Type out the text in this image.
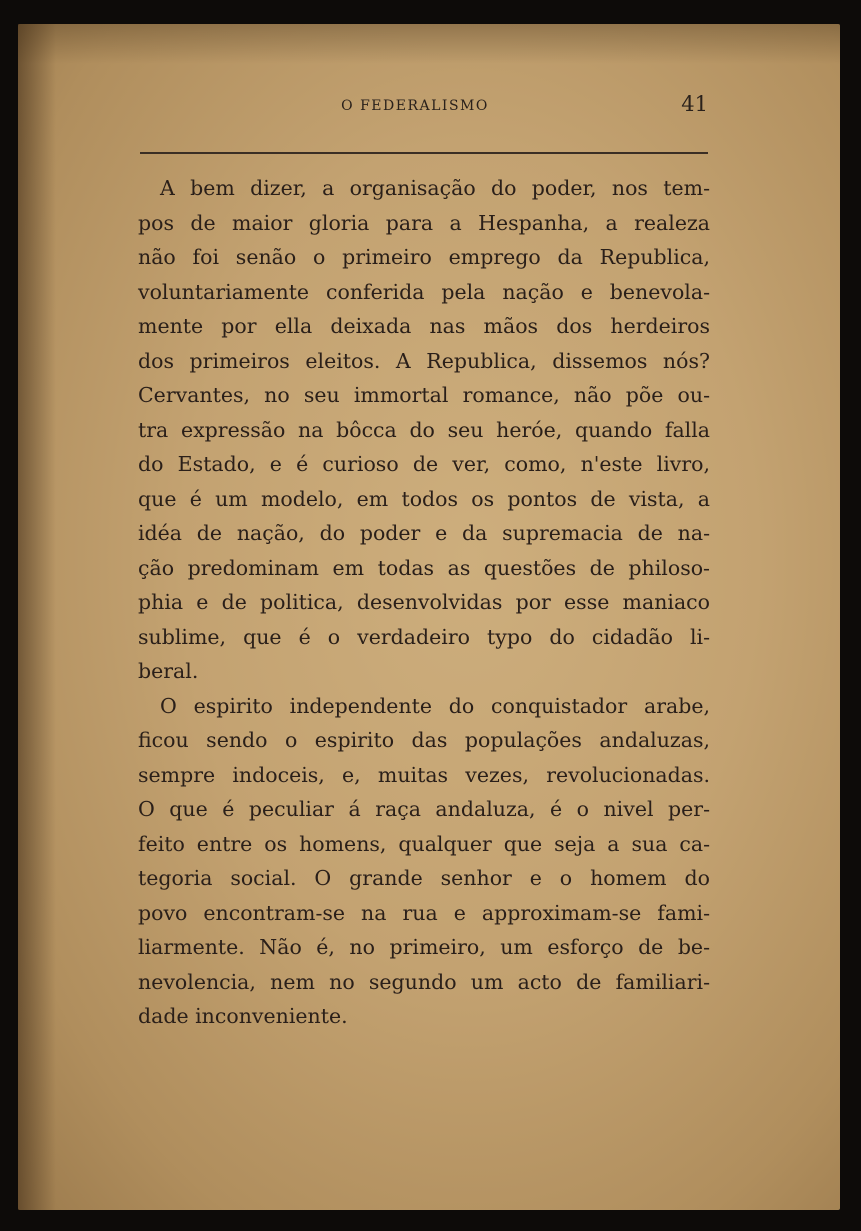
O FEDERALISMO	41
A bem dizer, a organisação do poder, nos tem-
pos de maior gloria para a Hespanha, a realeza
não foi senão o primeiro emprego da Republica,
voluntariamente conferida pela nação e benevola-
mente por ella deixada nas mãos dos herdeiros
dos primeiros eleitos. A Republica, dissemos nós?
Cervantes, no seu immortal romance, não põe ou-
tra expressão na bôcca do seu heróe, quando falla
do Estado, e é curioso de ver, como, n'este livro,
que é um modelo, em todos os pontos de vista, a
idéa de nação, do poder e da supremacia de na-
ção predominam em todas as questões de philoso-
phia e de politica, desenvolvidas por esse maniaco
sublime, que é o verdadeiro typo do cidadão li-
beral.
O espirito independente do conquistador arabe,
ficou sendo o espirito das populações andaluzas,
sempre indoceis, e, muitas vezes, revolucionadas.
O que é peculiar á raça andaluza, é o nivel per-
feito entre os homens, qualquer que seja a sua ca-
tegoria social. O grande senhor e o homem do
povo encontram-se na rua e approximam-se fami-
liarmente. Não é, no primeiro, um esforço de be-
nevolencia, nem no segundo um acto de familiari-
dade inconveniente.
